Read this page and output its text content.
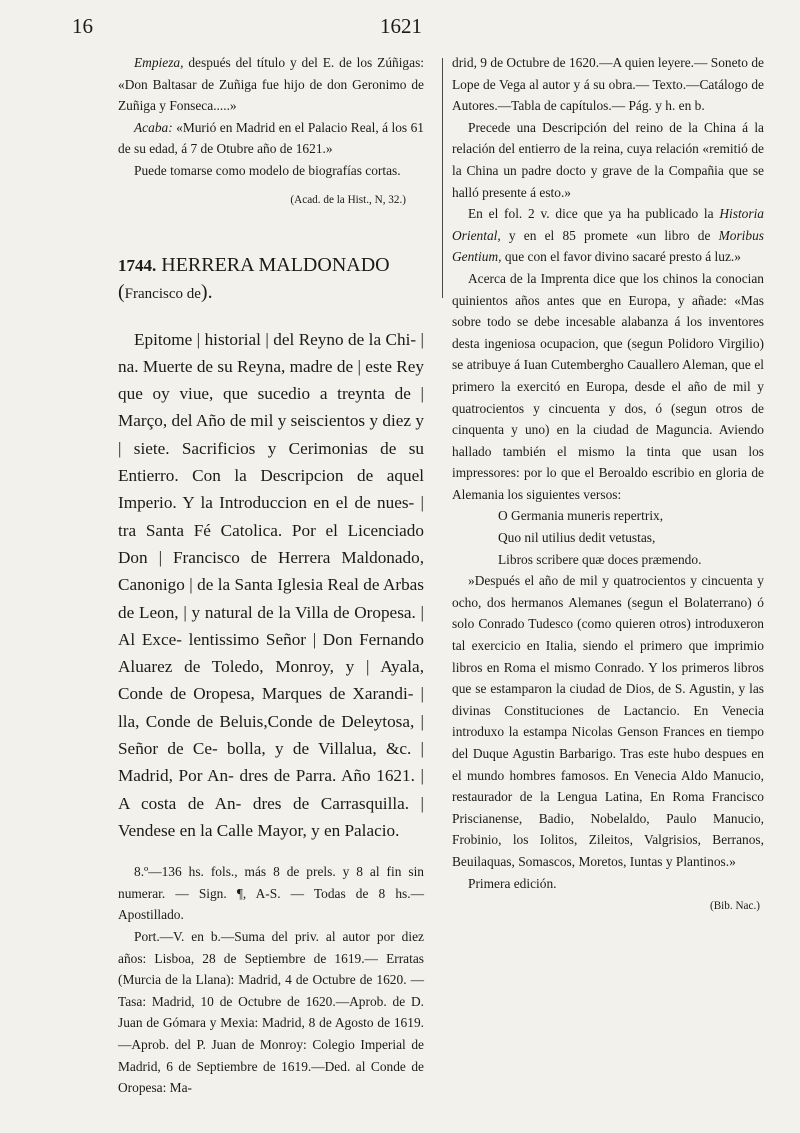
16	1621

Empieza, después del título y del E. de los Zúñigas: «Don Baltasar de Zuñiga fue hijo de don Geronimo de Zuñiga y Fonseca.....»

Acaba: «Murió en Madrid en el Palacio Real, á los 61 de su edad, á 7 de Otubre año de 1621.»

Puede tomarse como modelo de biografías cortas.

(Acad. de la Hist., N, 32.)
1744. HERRERA MALDONADO (Francisco de).

Epitome | historial | del Reyno de la Chi- | na. Muerte de su Reyna, madre de | este Rey que oy viue, que sucedio a treynta de | Março, del Año de mil y seiscientos y diez y | siete. Sacrificios y Cerimonias de su Entierro. Con la Descripcion de aquel Imperio. Y la Introduccion en el de nues- | tra Santa Fé Catolica. Por el Licenciado Don | Francisco de Herrera Maldonado, Canonigo | de la Santa Iglesia Real de Arbas de Leon, | y natural de la Villa de Oropesa. | Al Exce- lentissimo Señor | Don Fernando Aluarez de Toledo, Monroy, y | Ayala, Conde de Oropesa, Marques de Xarandi- | lla, Conde de Beluis,Conde de Deleytosa, | Señor de Ce- bolla, y de Villalua, &c. | Madrid, Por An- dres de Parra. Año 1621. | A costa de An- dres de Carrasquilla. | Vendese en la Calle Mayor, y en Palacio.

8.º—136 hs. fols., más 8 de prels. y 8 al fin sin numerar. — Sign. ¶, A-S. — Todas de 8 hs.— Apostillado.

Port.—V. en b.—Suma del priv. al autor por diez años: Lisboa, 28 de Septiembre de 1619.— Erratas (Murcia de la Llana): Madrid, 4 de Octubre de 1620. — Tasa: Madrid, 10 de Octubre de 1620.—Aprob. de D. Juan de Gómara y Mexia: Madrid, 8 de Agosto de 1619.—Aprob. del P. Juan de Monroy: Colegio Imperial de Madrid, 6 de Septiembre de 1619.—Ded. al Conde de Oropesa: Ma-

drid, 9 de Octubre de 1620.—A quien leyere.— Soneto de Lope de Vega al autor y á su obra.— Texto.—Catálogo de Autores.—Tabla de capítulos.— Pág. y h. en b.

Precede una Descripción del reino de la China á la relación del entierro de la reina, cuya relación «remitió de la China un padre docto y grave de la Compañia que se halló presente á esto.»

En el fol. 2 v. dice que ya ha publicado la Historia Oriental, y en el 85 promete «un libro de Moribus Gentium, que con el favor divino sacaré presto á luz.»

Acerca de la Imprenta dice que los chinos la conocian quinientos años antes que en Europa, y añade: «Mas sobre todo se debe incesable alabanza á los inventores desta ingeniosa ocupacion, que (segun Polidoro Virgilio) se atribuye á Iuan Cutembergho Cauallero Aleman, que el primero la exercitó en Europa, desde el año de mil y quatrocientos y cincuenta y dos, ó (segun otros de cinquenta y uno) en la ciudad de Maguncia. Aviendo hallado también el mismo la tinta que usan los impressores: por lo que el Beroaldo escribio en gloria de Alemania los siguientes versos:

O Germania muneris repertrix,

Quo nil utilius dedit vetustas,

Libros scribere quæ doces præmendo.

»Después el año de mil y quatrocientos y cincuenta y ocho, dos hermanos Alemanes (segun el Bolaterrano) ó solo Conrado Tudesco (como quieren otros) introduxeron tal exercicio en Italia, siendo el primero que imprimio libros en Roma el mismo Conrado. Y los primeros libros que se estamparon la ciudad de Dios, de S. Agustin, y las divinas Constituciones de Lactancio. En Venecia introduxo la estampa Nicolas Genson Frances en tiempo del Duque Agustin Barbarigo. Tras este hubo despues en el mundo hombres famosos. En Venecia Aldo Manucio, restaurador de la Lengua Latina, En Roma Francisco Priscianense, Badio, Nobelaldo, Paulo Manucio, Frobinio, los Iolitos, Zileitos, Valgrisios, Berranos, Beuilaquas, Somascos, Moretos, Iuntas y Plantinos.»

Primera edición.

(Bib. Nac.)
